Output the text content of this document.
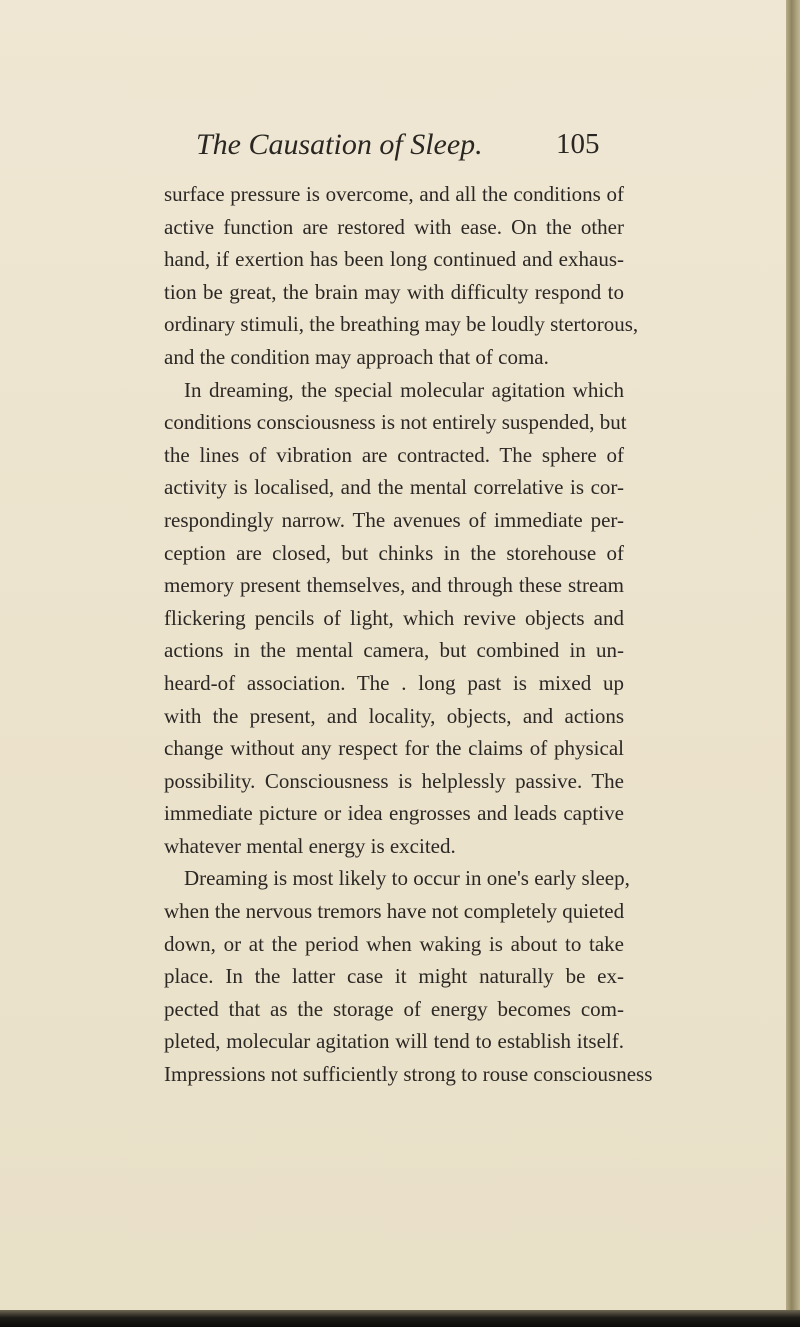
The Causation of Sleep.	105
surface pressure is overcome, and all the conditions of
active function are restored with ease. On the other
hand, if exertion has been long continued and exhaus-
tion be great, the brain may with difficulty respond to
ordinary stimuli, the breathing may be loudly stertorous,
and the condition may approach that of coma.
In dreaming, the special molecular agitation which
conditions consciousness is not entirely suspended, but
the lines of vibration are contracted. The sphere of
activity is localised, and the mental correlative is cor-
respondingly narrow. The avenues of immediate per-
ception are closed, but chinks in the storehouse of
memory present themselves, and through these stream
flickering pencils of light, which revive objects and
actions in the mental camera, but combined in un-
heard-of association. The . long past is mixed up
with the present, and locality, objects, and actions
change without any respect for the claims of physical
possibility. Consciousness is helplessly passive. The
immediate picture or idea engrosses and leads captive
whatever mental energy is excited.
Dreaming is most likely to occur in one's early sleep,
when the nervous tremors have not completely quieted
down, or at the period when waking is about to take
place. In the latter case it might naturally be ex-
pected that as the storage of energy becomes com-
pleted, molecular agitation will tend to establish itself.
Impressions not sufficiently strong to rouse consciousness
